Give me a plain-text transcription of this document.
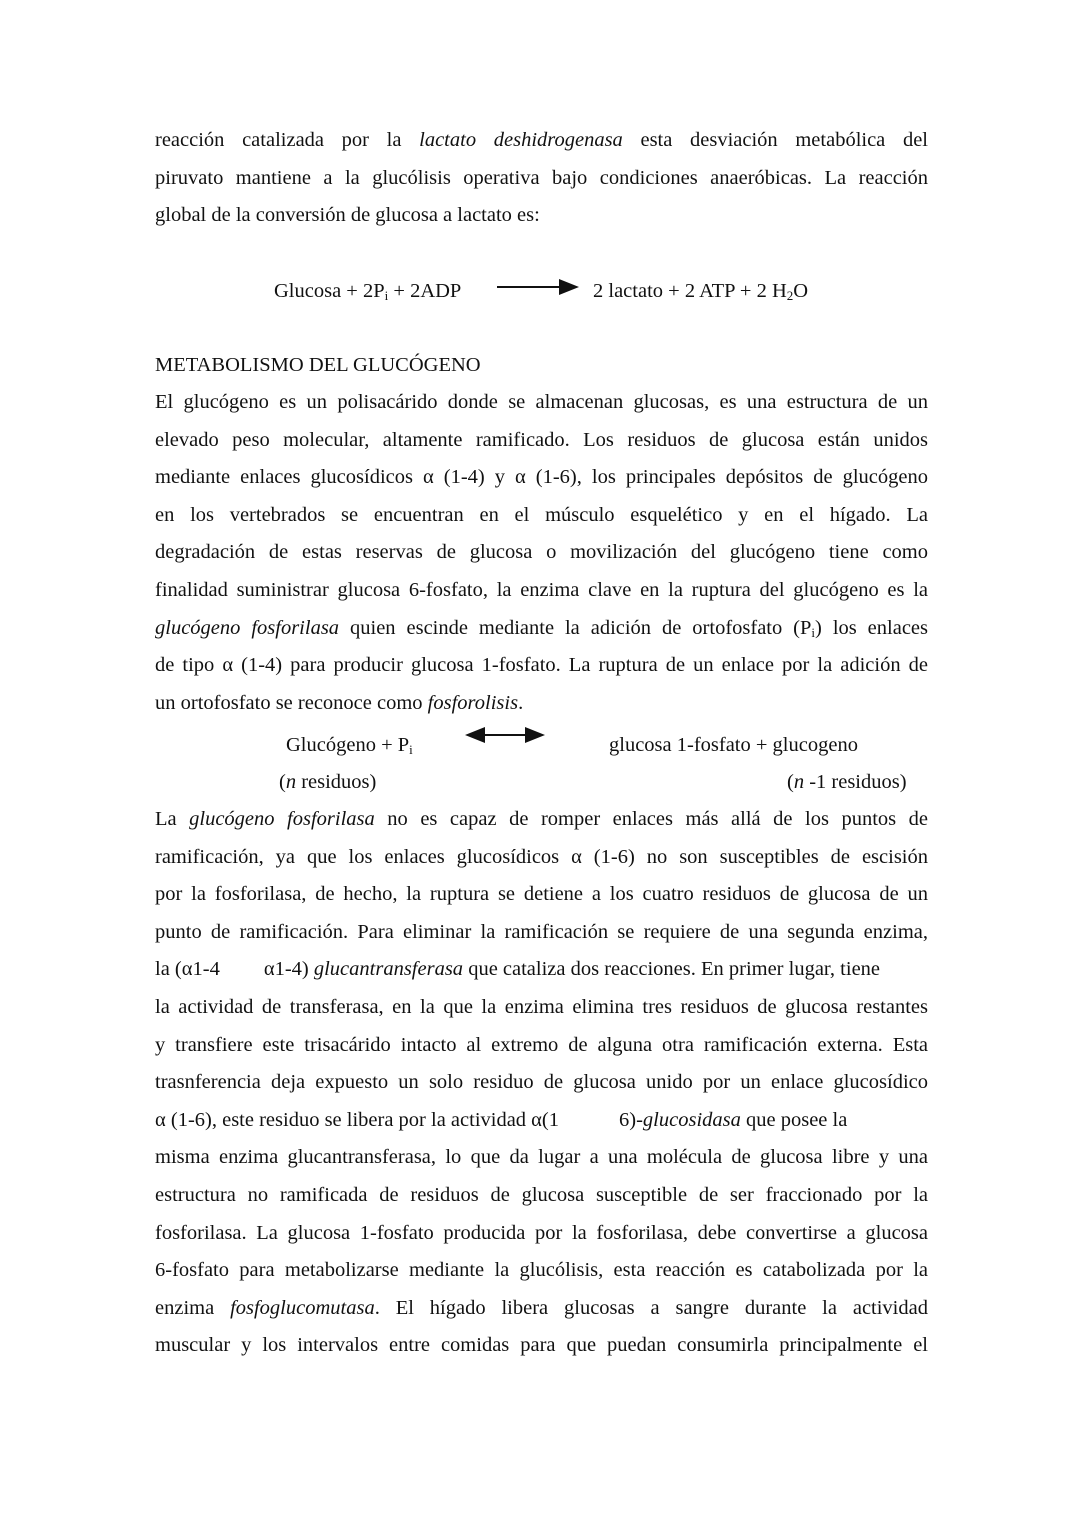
reacción catalizada por la lactato deshidrogenasa esta desviación metabólica del
piruvato mantiene a la glucólisis operativa bajo condiciones anaeróbicas. La reacción
global de la conversión de glucosa a lactato es:
$Glucosa + 2P_i + 2ADP$	2 lactato + 2 ATP + 2 $H_2O$
METABOLISMO DEL GLUCÓGENO
El glucógeno es un polisacárido donde se almacenan glucosas, es una estructura de un
elevado peso molecular, altamente ramificado. Los residuos de glucosa están unidos
mediante enlaces glucosídicos α (1-4) y α (1-6), los principales depósitos de glucógeno
en los vertebrados se encuentran en el músculo esquelético y en el hígado. La
degradación de estas reservas de glucosa o movilización del glucógeno tiene como
finalidad suministrar glucosa 6-fosfato, la enzima clave en la ruptura del glucógeno es la
glucógeno fosforilasa quien escinde mediante la adición de ortofosfato $(P_i)$ los enlaces
de tipo α (1-4) para producir glucosa 1-fosfato. La ruptura de un enlace por la adición de
un ortofosfato se reconoce como fosforolisis.
Glucógeno + $P_i$	glucosa 1-fosfato + glucogeno
(n residuos)	(n -1 residuos)
La glucógeno fosforilasa no es capaz de romper enlaces más allá de los puntos de
ramificación, ya que los enlaces glucosídicos α (1-6) no son susceptibles de escisión
por la fosforilasa, de hecho, la ruptura se detiene a los cuatro residuos de glucosa de un
punto de ramificación. Para eliminar la ramificación se requiere de una segunda enzima,
la (α1-4 α1-4) glucantransferasa que cataliza dos reacciones. En primer lugar, tiene
la actividad de transferasa, en la que la enzima elimina tres residuos de glucosa restantes
y transfiere este trisacárido intacto al extremo de alguna otra ramificación externa. Esta
trasnferencia deja expuesto un solo residuo de glucosa unido por un enlace glucosídico
α (1-6), este residuo se libera por la actividad α(1	6)-glucosidasa que posee la
misma enzima glucantransferasa, lo que da lugar a una molécula de glucosa libre y una
estructura no ramificada de residuos de glucosa susceptible de ser fraccionado por la
fosforilasa. La glucosa 1-fosfato producida por la fosforilasa, debe convertirse a glucosa
6-fosfato para metabolizarse mediante la glucólisis, esta reacción es catabolizada por la
enzima fosfoglucomutasa. El hígado libera glucosas a sangre durante la actividad
muscular y los intervalos entre comidas para que puedan consumirla principalmente el
